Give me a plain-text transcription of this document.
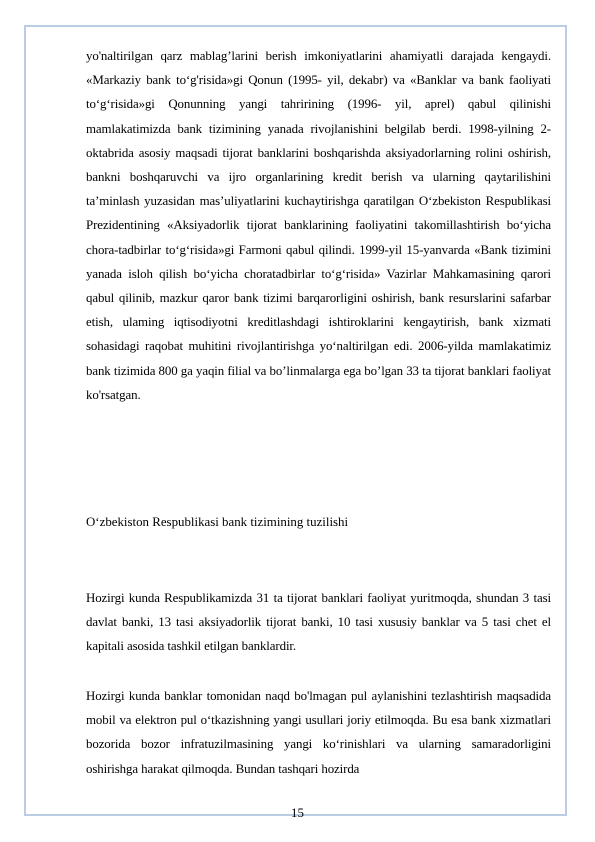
yo'naltirilgan qarz mablag’larini berish imkoniyatlarini ahamiyatli darajada kengaydi. «Markaziy bank to‘g'risida»gi Qonun (1995- yil, dekabr) va «Banklar va bank faoliyati to‘g‘risida»gi Qonunning yangi tahririning (1996- yil, aprel) qabul qilinishi mamlakatimizda bank tizimining yanada rivojlanishini belgilab berdi. 1998-yilning 2-oktabrida asosiy maqsadi tijorat banklarini boshqarishda aksiyadorlarning rolini oshirish, bankni boshqaruvchi va ijro organlarining kredit berish va ularning qaytarilishini ta’minlash yuzasidan mas’uliyatlarini kuchaytirishga qaratilgan O‘zbekiston Respublikasi Prezidentining «Aksiyadorlik tijorat banklarining faoliyatini takomillashtirish bo‘yicha chora-tadbirlar to‘g‘risida»gi Farmoni qabul qilindi. 1999-yil 15-yanvarda «Bank tizimini yanada isloh qilish bo‘yicha choratadbirlar to‘g‘risida» Vazirlar Mahkamasining qarori qabul qilinib, mazkur qaror bank tizimi barqarorligini oshirish, bank resurslarini safarbar etish, ulaming iqtisodiyotni kreditlashdagi ishtiroklarini kengaytirish, bank xizmati sohasidagi raqobat muhitini rivojlantirishga yo‘naltirilgan edi. 2006-yilda mamlakatimiz bank tizimida 800 ga yaqin filial va bo’linmalarga ega bo’lgan 33 ta tijorat banklari faoliyat ko'rsatgan.

O‘zbekiston Respublikasi bank tizimining tuzilishi

Hozirgi kunda Respublikamizda 31 ta tijorat banklari faoliyat yuritmoqda, shundan 3 tasi davlat banki, 13 tasi aksiyadorlik tijorat banki, 10 tasi xususiy banklar va 5 tasi chet el kapitali asosida tashkil etilgan banklardir.

Hozirgi kunda banklar tomonidan naqd bo'lmagan pul aylanishini tezlashtirish maqsadida mobil va elektron pul o‘tkazishning yangi usullari joriy etilmoqda. Bu esa bank xizmatlari bozorida bozor infratuzilmasining yangi ko‘rinishlari va ularning samaradorligini oshirishga harakat qilmoqda. Bundan tashqari hozirda

15
